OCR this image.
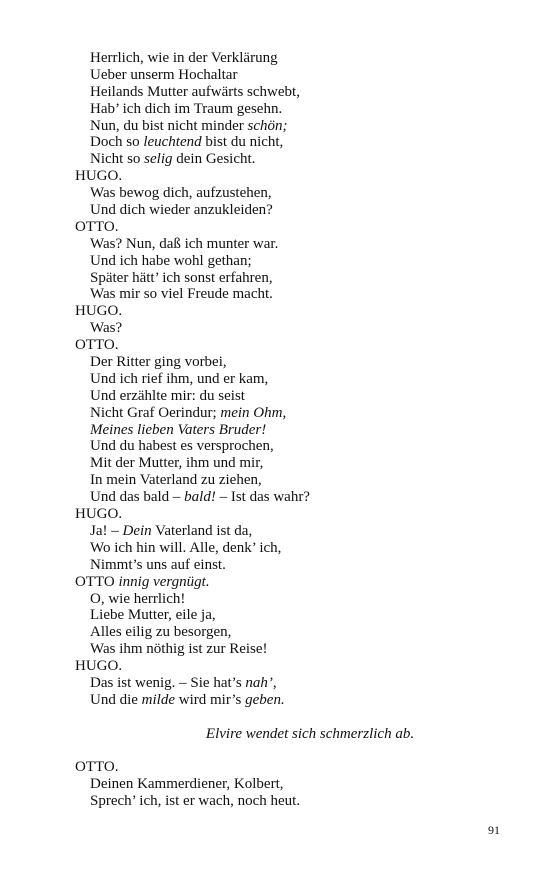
Herrlich, wie in der Verklärung
Ueber unserm Hochaltar
Heilands Mutter aufwärts schwebt,
Hab’ ich dich im Traum gesehn.
Nun, du bist nicht minder schön;
Doch so leuchtend bist du nicht,
Nicht so selig dein Gesicht.
HUGO.
Was bewog dich, aufzustehen,
Und dich wieder anzukleiden?
OTTO.
Was? Nun, daß ich munter war.
Und ich habe wohl gethan;
Später hätt’ ich sonst erfahren,
Was mir so viel Freude macht.
HUGO.
Was?
OTTO.
Der Ritter ging vorbei,
Und ich rief ihm, und er kam,
Und erzählte mir: du seist
Nicht Graf Oerindur; mein Ohm,
Meines lieben Vaters Bruder!
Und du habest es versprochen,
Mit der Mutter, ihm und mir,
In mein Vaterland zu ziehen,
Und das bald – bald! – Ist das wahr?
HUGO.
Ja! – Dein Vaterland ist da,
Wo ich hin will. Alle, denk’ ich,
Nimmt’s uns auf einst.
OTTO innig vergnügt.
O, wie herrlich!
Liebe Mutter, eile ja,
Alles eilig zu besorgen,
Was ihm nöthig ist zur Reise!
HUGO.
Das ist wenig. – Sie hat’s nah’,
Und die milde wird mir’s geben.

Elvire wendet sich schmerzlich ab.

OTTO.
Deinen Kammerdiener, Kolbert,
Sprech’ ich, ist er wach, noch heut.
91
